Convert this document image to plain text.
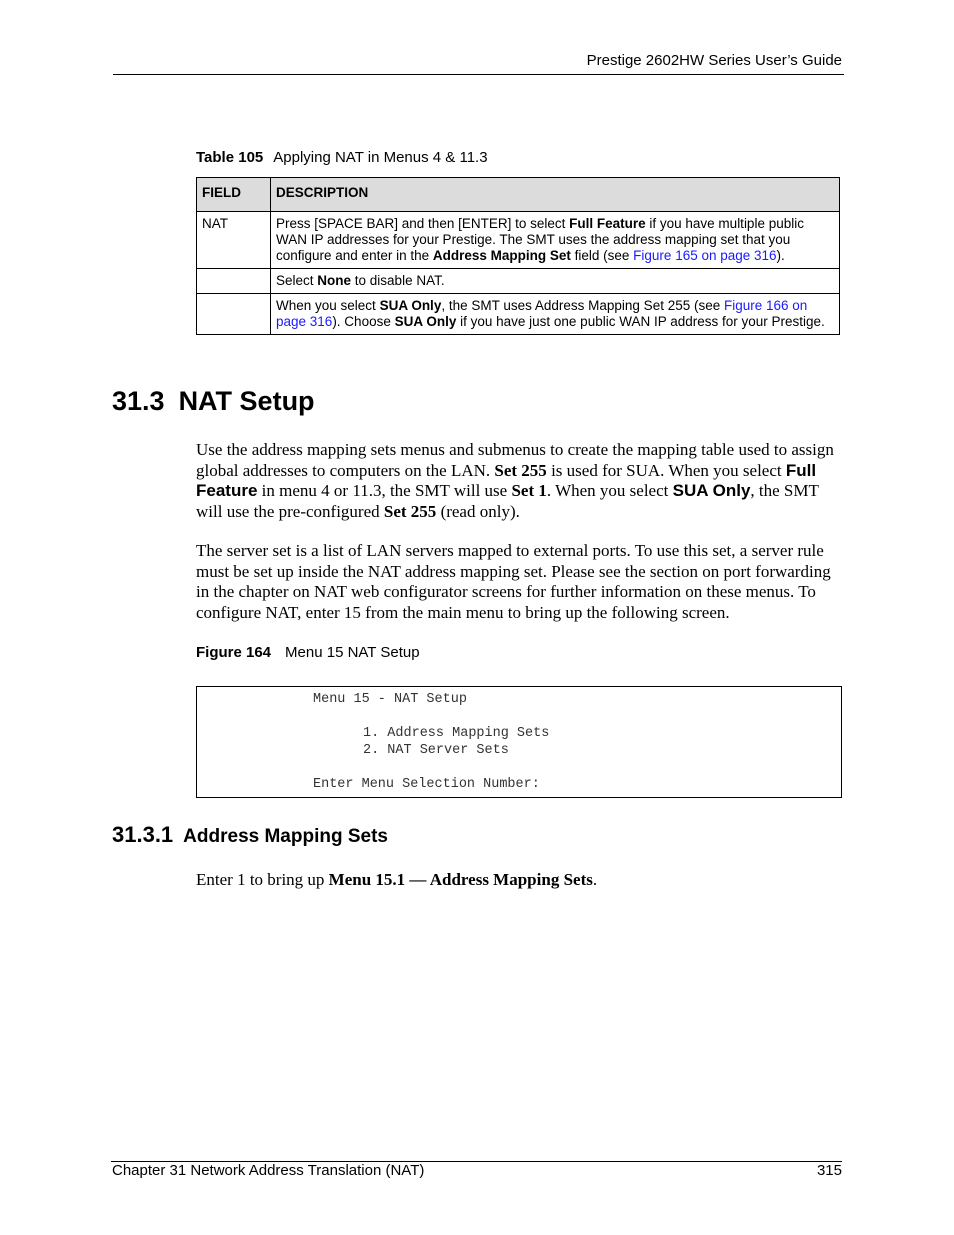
Prestige 2602HW Series User’s Guide
Table 105 Applying NAT in Menus 4 & 11.3
FIELD	DESCRIPTION
NAT	Press [SPACE BAR] and then [ENTER] to select Full Feature if you have multiple public WAN IP addresses for your Prestige. The SMT uses the address mapping set that you configure and enter in the Address Mapping Set field (see Figure 165 on page 316).
	Select None to disable NAT.
	When you select SUA Only, the SMT uses Address Mapping Set 255 (see Figure 166 on page 316). Choose SUA Only if you have just one public WAN IP address for your Prestige.
31.3 NAT Setup
Use the address mapping sets menus and submenus to create the mapping table used to assign global addresses to computers on the LAN. Set 255 is used for SUA. When you select Full Feature in menu 4 or 11.3, the SMT will use Set 1. When you select SUA Only, the SMT will use the pre-configured Set 255 (read only).
The server set is a list of LAN servers mapped to external ports. To use this set, a server rule must be set up inside the NAT address mapping set. Please see the section on port forwarding in the chapter on NAT web configurator screens for further information on these menus. To configure NAT, enter 15 from the main menu to bring up the following screen.
Figure 164 Menu 15 NAT Setup
Menu 15 - NAT Setup
1. Address Mapping Sets
2. NAT Server Sets
Enter Menu Selection Number:
31.3.1 Address Mapping Sets
Enter 1 to bring up Menu 15.1 — Address Mapping Sets.
Chapter 31 Network Address Translation (NAT)	315
